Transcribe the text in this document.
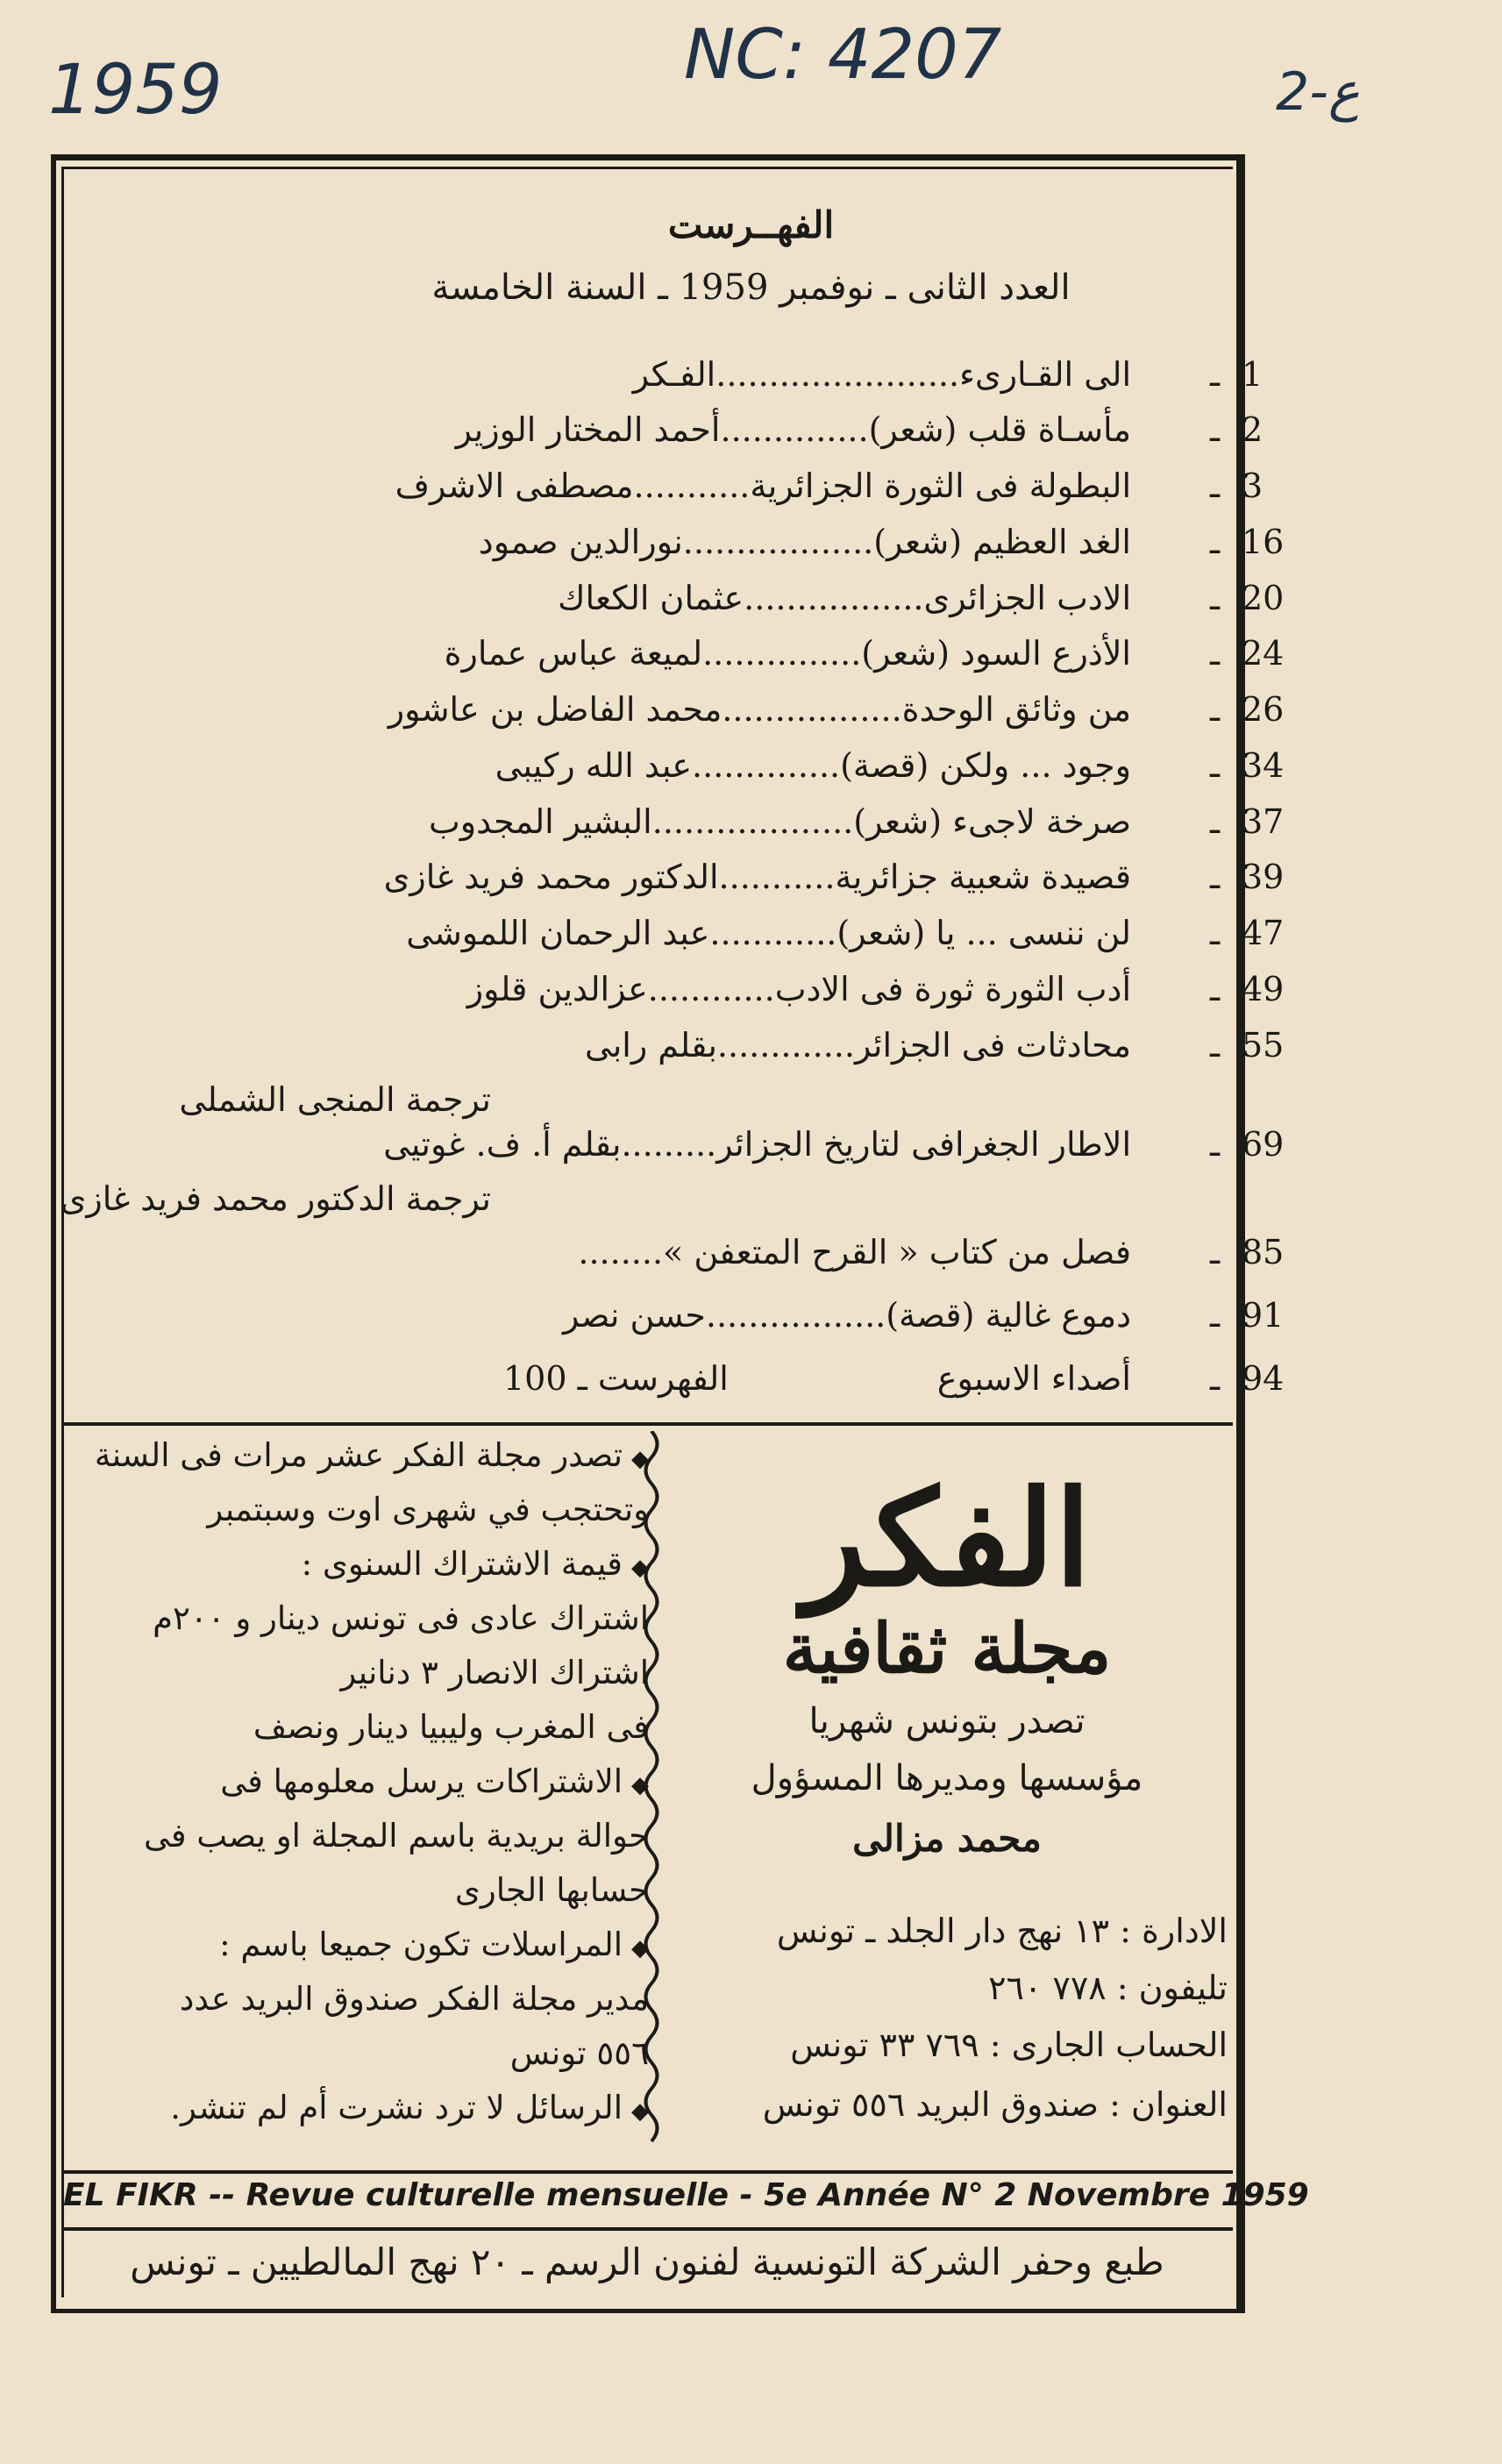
1959	NC: 4207	ع-2
الفهــرست
العدد الثانى ـ نوفمبر 1959 ـ السنة الخامسة
1
ـ
الى القـارىء.......................الفـكر
2
ـ
مأسـاة قلب (شعر)..............أحمد المختار الوزير
3
ـ
البطولة فى الثورة الجزائرية...........مصطفى الاشرف
16
ـ
الغد العظيم (شعر)..................نورالدين صمود
20
ـ
الادب الجزائرى.................عثمان الكعاك
24
ـ
الأذرع السود (شعر)...............لميعة عباس عمارة
26
ـ
من وثائق الوحدة.................محمد الفاضل بن عاشور
34
ـ
وجود ... ولكن (قصة)..............عبد الله ركيبى
37
ـ
صرخة لاجىء (شعر)...................البشير المجدوب
39
ـ
قصيدة شعبية جزائرية...........الدكتور محمد فريد غازى
47
ـ
لن ننسى ... يا (شعر)............عبد الرحمان اللموشى
49
ـ
أدب الثورة ثورة فى الادب............عزالدين قلوز
55
ـ
محادثات فى الجزائر.............بقلم رابى
ترجمة المنجى الشملى
69
ـ
الاطار الجغرافى لتاريخ الجزائر.........بقلم أ. ف. غوتيى
ترجمة الدكتور محمد فريد غازى
85
ـ
فصل من كتاب « القرح المتعفن »........
91
ـ
دموع غالية (قصة).................حسن نصر
94
ـ
أصداء الاسبوع
الفهرست ـ 100
◆تصدر مجلة الفكر عشر مرات فى السنة
وتحتجب في شهرى اوت وسبتمبر
◆قيمة الاشتراك السنوى :
اشتراك عادى فى تونس دينار و ٢٠٠م
اشتراك الانصار ٣ دنانير
فى المغرب وليبيا دينار ونصف
◆الاشتراكات يرسل معلومها فى
حوالة بريدية باسم المجلة او يصب فى
حسابها الجارى
◆المراسلات تكون جميعا باسم :
مدير مجلة الفكر صندوق البريد عدد
٥٥٦ تونس
◆الرسائل لا ترد نشرت أم لم تنشر.
الفكر
مجلة ثقافية
تصدر بتونس شهريا
مؤسسها ومديرها المسؤول
محمد مزالى
الادارة : ١٣ نهج دار الجلد ـ تونس
تليفون : ٧٧٨ ٢٦٠
الحساب الجارى : ٧٦٩ ٣٣ تونس
العنوان : صندوق البريد ٥٥٦ تونس
EL FIKR -- Revue culturelle mensuelle - 5e Année N° 2 Novembre 1959
طبع وحفر الشركة التونسية لفنون الرسم ـ ٢٠ نهج المالطيين ـ تونس
